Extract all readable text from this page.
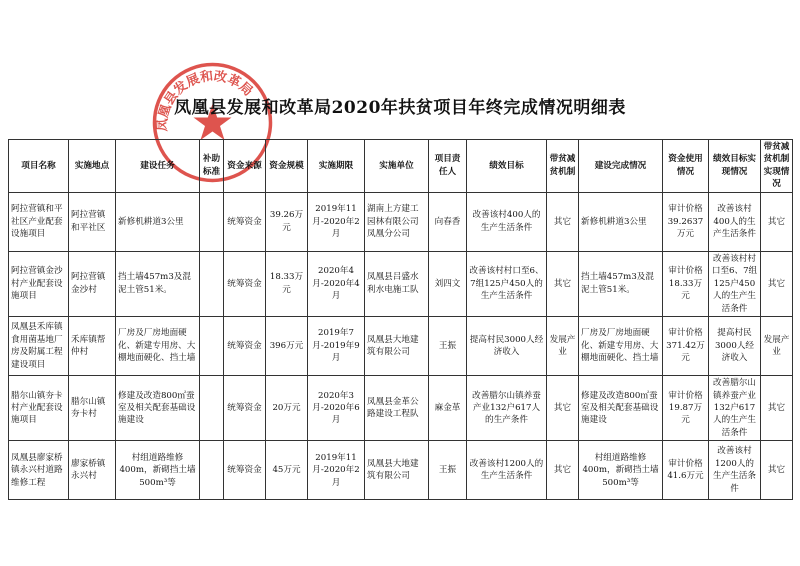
凤凰县发展和改革局
凤凰县发展和改革局2020年扶贫项目年终完成情况明细表
项目名称	实施地点	建设任务	补助标准	资金来源	资金规模	实施期限	实施单位	项目责任人	绩效目标	带贫减贫机制	建设完成情况	资金使用情况	绩效目标实现情况	带贫减贫机制实现情况
阿拉营镇和平社区产业配套设施项目	阿拉营镇和平社区	新修机耕道3公里		统筹资金	39.26万元	2019年11月-2020年2月	湖南上方建工园林有限公司凤凰分公司	向春香	改善该村400人的生产生活条件	其它	新修机耕道3公里	审计价格39.2637万元	改善该村400人的生产生活条件	其它
阿拉营镇金沙村产业配套设施项目	阿拉营镇金沙村	挡土墙457m3及混泥土管51米。		统筹资金	18.33万元	2020年4月-2020年4月	凤凰县吕盛水利水电施工队	刘四文	改善该村村口至6、7组125户450人的生产生活条件	其它	挡土墙457m3及混泥土管51米。	审计价格18.33万元	改善该村村口至6、7组125户450人的生产生活条件	其它
凤凰县禾库镇食用菌基地厂房及附属工程建设项目	禾库镇帮仲村	厂房及厂房地面硬化、新建专用房、大棚地面硬化、挡土墙		统筹资金	396万元	2019年7月-2019年9月	凤凰县大地建筑有限公司	王振	提高村民3000人经济收入	发展产业	厂房及厂房地面硬化、新建专用房、大棚地面硬化、挡土墙	审计价格371.42万元	提高村民3000人经济收入	发展产业
腊尔山镇夯卡村产业配套设施项目	腊尔山镇夯卡村	修建及改造800㎡蚕室及相关配套基础设施建设		统筹资金	20万元	2020年3月-2020年6月	凤凰县金革公路建设工程队	麻金革	改善腊尔山镇养蚕产业132户617人的生产条件	其它	修建及改造800㎡蚕室及相关配套基础设施建设	审计价格19.87万元	改善腊尔山镇养蚕产业132户617人的生产生活条件	其它
凤凰县廖家桥镇永兴村道路维修工程	廖家桥镇永兴村	村组道路维修400m，新砌挡土墙500m³等		统筹资金	45万元	2019年11月-2020年2月	凤凰县大地建筑有限公司	王振	改善该村1200人的生产生活条件	其它	村组道路维修400m，新砌挡土墙500m³等	审计价格41.6万元	改善该村1200人的生产生活条件	其它
